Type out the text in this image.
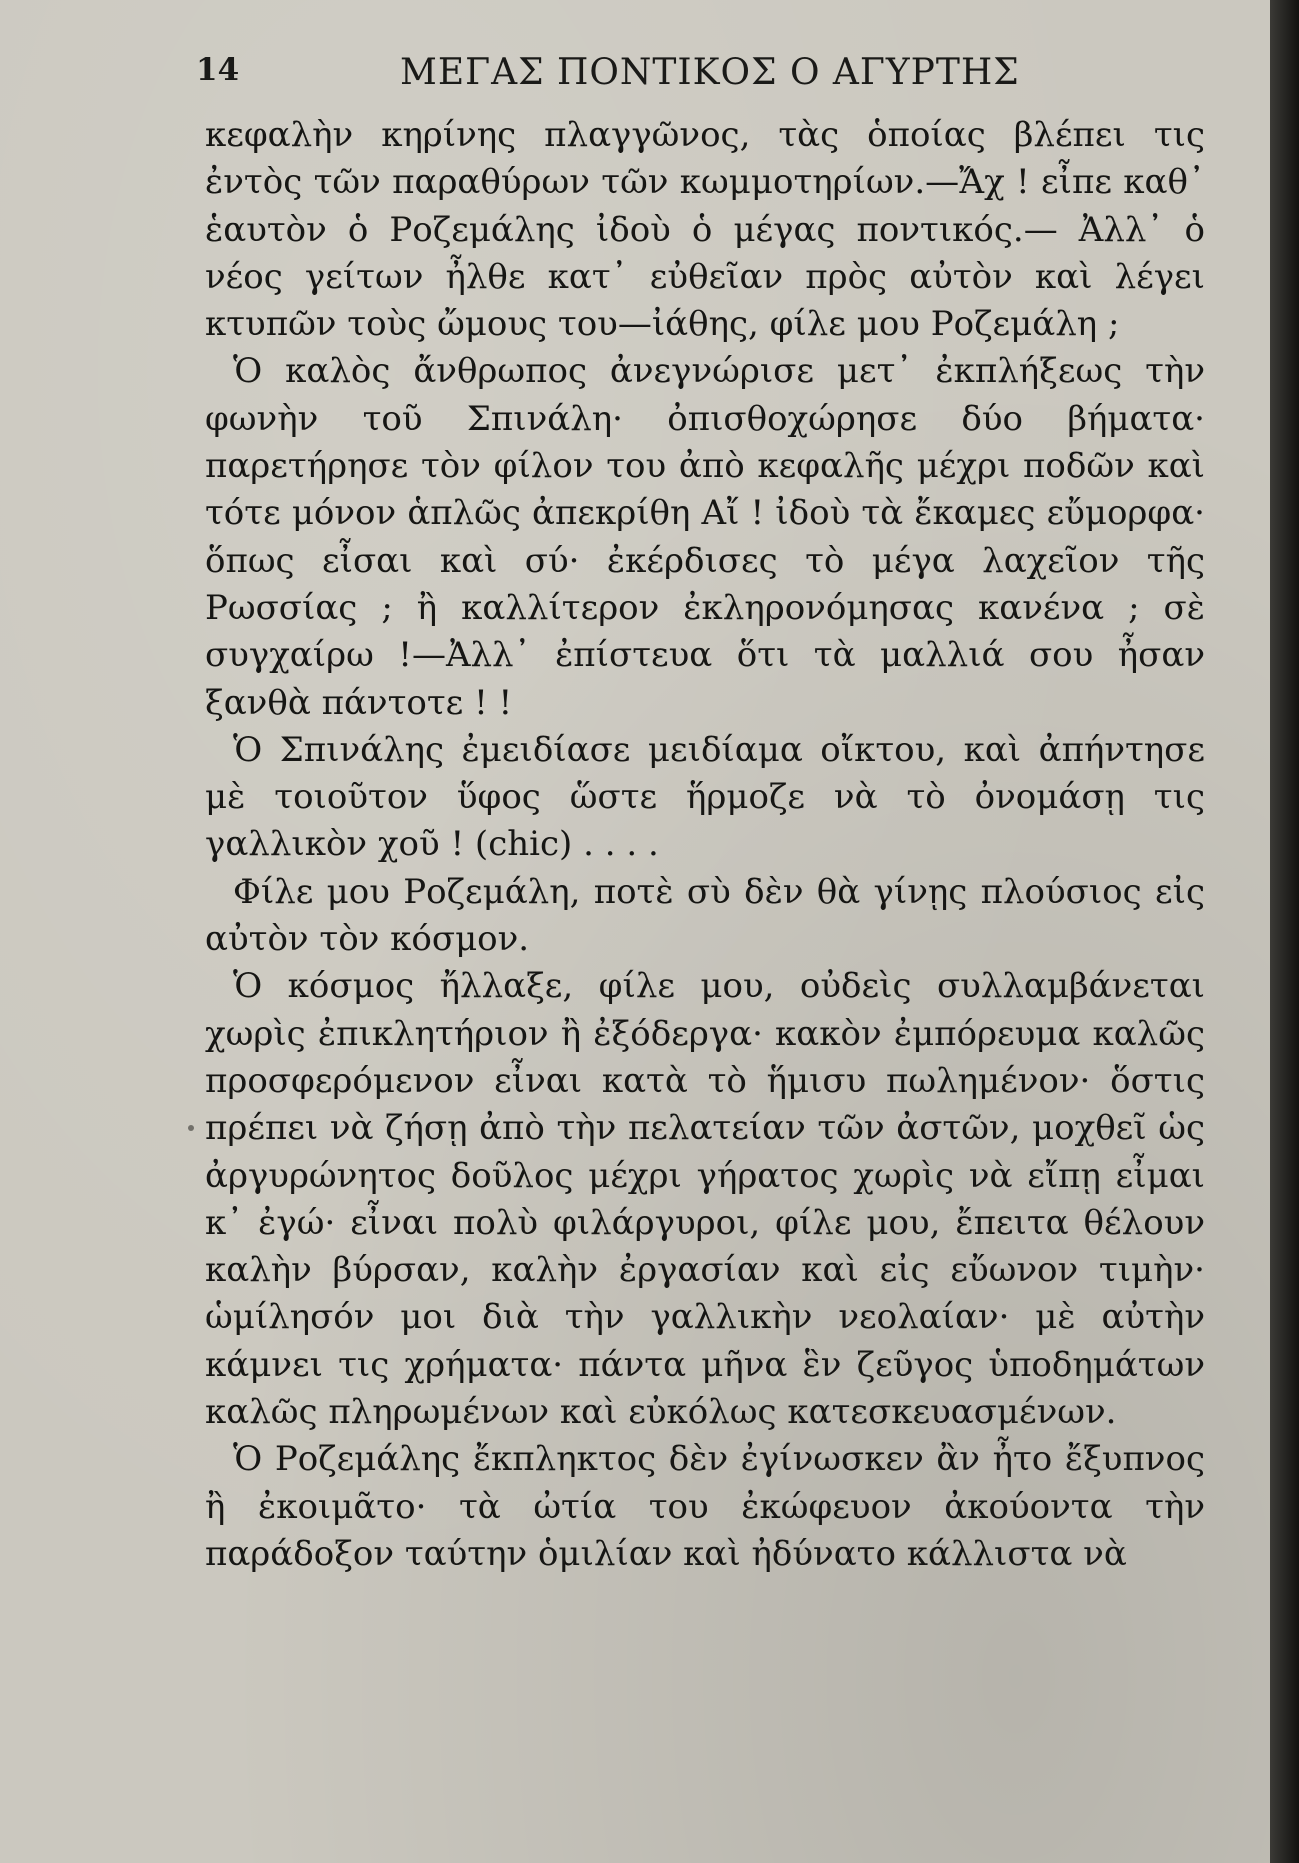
14	ΜΕΓΑΣ ΠΟΝΤΙΚΟΣ Ο ΑΓΥΡΤΗΣ

κεφαλὴν κηρίνης πλαγγῶνος, τὰς ὁποίας βλέπει τις ἐντὸς τῶν παραθύρων τῶν κωμμοτηρίων.—Ἄχ ! εἶπε καθ᾽ ἑαυτὸν ὁ Ροζεμάλης ἰδοὺ ὁ μέγας ποντικός.— Ἀλλ᾽ ὁ νέος γείτων ἦλθε κατ᾽ εὐθεῖαν πρὸς αὐτὸν καὶ λέγει κτυπῶν τοὺς ὤμους του—ἰάθης, φίλε μου Ροζεμάλη ;

Ὁ καλὸς ἄνθρωπος ἀνεγνώρισε μετ᾽ ἐκπλήξεως τὴν φωνὴν τοῦ Σπινάλη· ὀπισθοχώρησε δύο βήματα· παρετήρησε τὸν φίλον του ἀπὸ κεφαλῆς μέχρι ποδῶν καὶ τότε μόνον ἁπλῶς ἀπεκρίθη Αἴ ! ἰδοὺ τὰ ἔκαμες εὔμορφα· ὅπως εἶσαι καὶ σύ· ἐκέρδισες τὸ μέγα λαχεῖον τῆς Ρωσσίας ; ἢ καλλίτερον ἐκληρονόμησας κανένα ; σὲ συγχαίρω !—Ἀλλ᾽ ἐπίστευα ὅτι τὰ μαλλιά σου ἦσαν ξανθὰ πάντοτε ! !

Ὁ Σπινάλης ἐμειδίασε μειδίαμα οἴκτου, καὶ ἀπήντησε μὲ τοιοῦτον ὕφος ὥστε ἥρμοζε νὰ τὸ ὀνομάσῃ τις γαλλικὸν χοῦ ! (chic) . . . .

Φίλε μου Ροζεμάλη, ποτὲ σὺ δὲν θὰ γίνῃς πλούσιος εἰς αὐτὸν τὸν κόσμον.

Ὁ κόσμος ἤλλαξε, φίλε μου, οὐδεὶς συλλαμβάνεται χωρὶς ἐπικλητήριον ἢ ἐξόδεργα· κακὸν ἐμπόρευμα καλῶς προσφερόμενον εἶναι κατὰ τὸ ἥμισυ πωλημένον· ὅστις πρέπει νὰ ζήσῃ ἀπὸ τὴν πελατείαν τῶν ἀστῶν, μοχθεῖ ὡς ἀργυρώνητος δοῦλος μέχρι γήρατος χωρὶς νὰ εἴπῃ εἶμαι κ᾽ ἐγώ· εἶναι πολὺ φιλάργυροι, φίλε μου, ἔπειτα θέλουν καλὴν βύρσαν, καλὴν ἐργασίαν καὶ εἰς εὔωνον τιμὴν· ὡμίλησόν μοι διὰ τὴν γαλλικὴν νεολαίαν· μὲ αὐτὴν κάμνει τις χρήματα· πάντα μῆνα ἓν ζεῦγος ὑποδημάτων καλῶς πληρωμένων καὶ εὐκόλως κατεσκευασμένων.

Ὁ Ροζεμάλης ἔκπληκτος δὲν ἐγίνωσκεν ἂν ἦτο ἔξυπνος ἢ ἐκοιμᾶτο· τὰ ὠτία του ἐκώφευον ἀκούοντα τὴν παράδοξον ταύτην ὁμιλίαν καὶ ἠδύνατο κάλλιστα νὰ
